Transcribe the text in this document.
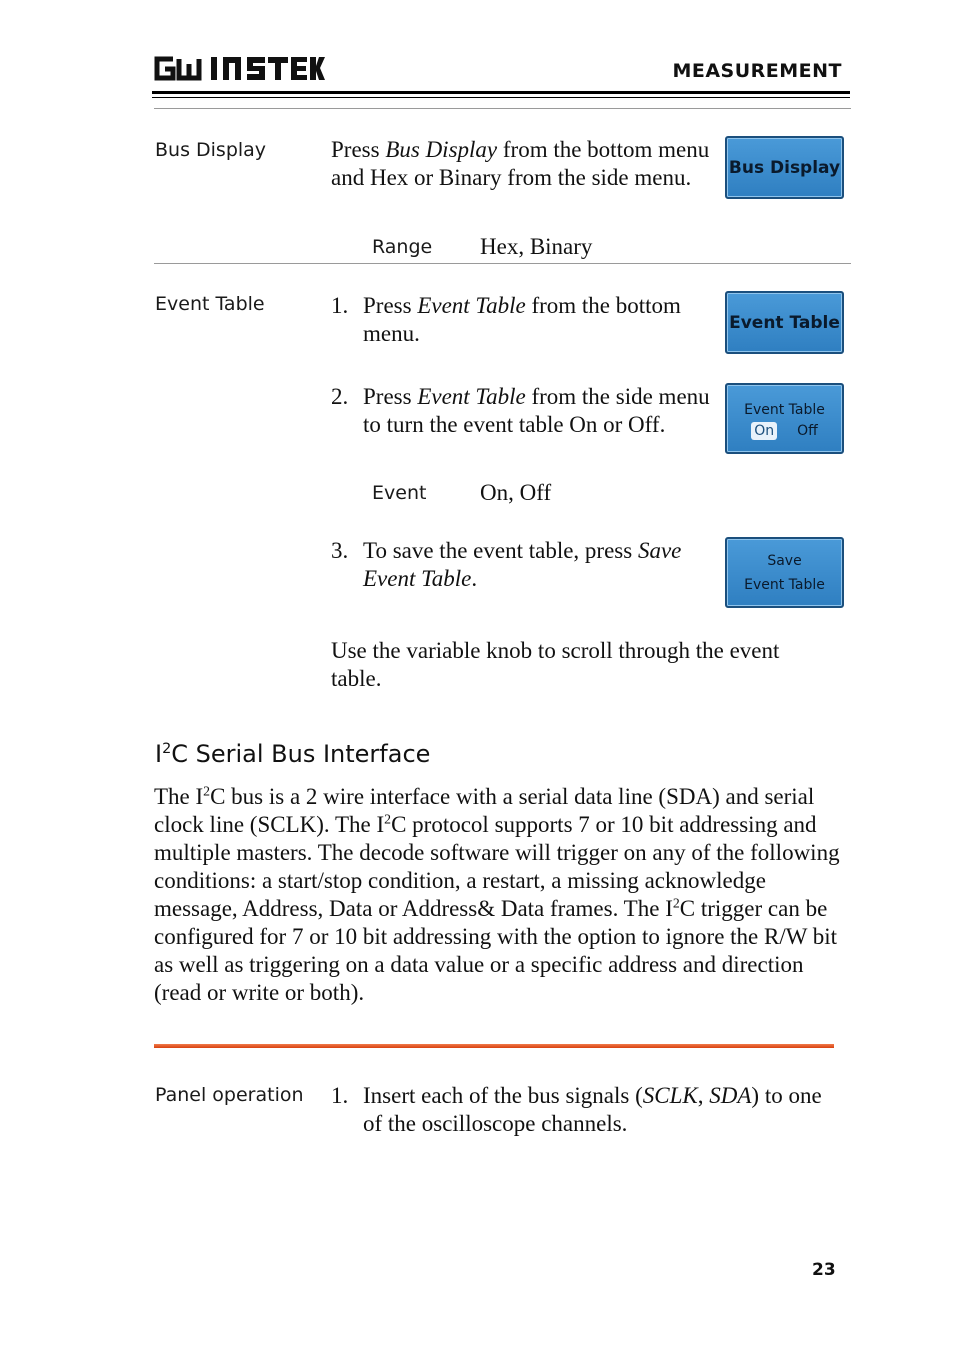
MEASUREMENT
Bus Display	Press Bus Display from the bottom menu and Hex or Binary from the side menu.	Bus Display
Range Hex, Binary
Event Table	1. Press Event Table from the bottom menu.	Event Table
2. Press Event Table from the side menu to turn the event table On or Off.
Event Table
On Off
Event On, Off
3. To save the event table, press Save Event Table.
Save
Event Table
Use the variable knob to scroll through the event table.
$I^2C$ Serial Bus Interface
The $I^2C$ bus is a 2 wire interface with a serial data line (SDA) and serial clock line (SCLK). The $I^2C$ protocol supports 7 or 10 bit addressing and multiple masters. The decode software will trigger on any of the following conditions: a start/stop condition, a restart, a missing acknowledge message, Address, Data or Address& Data frames. The $I^2C$ trigger can be configured for 7 or 10 bit addressing with the option to ignore the R/W bit as well as triggering on a data value or a specific address and direction (read or write or both).
Panel operation 1. Insert each of the bus signals (SCLK, SDA) to one of the oscilloscope channels.
23
